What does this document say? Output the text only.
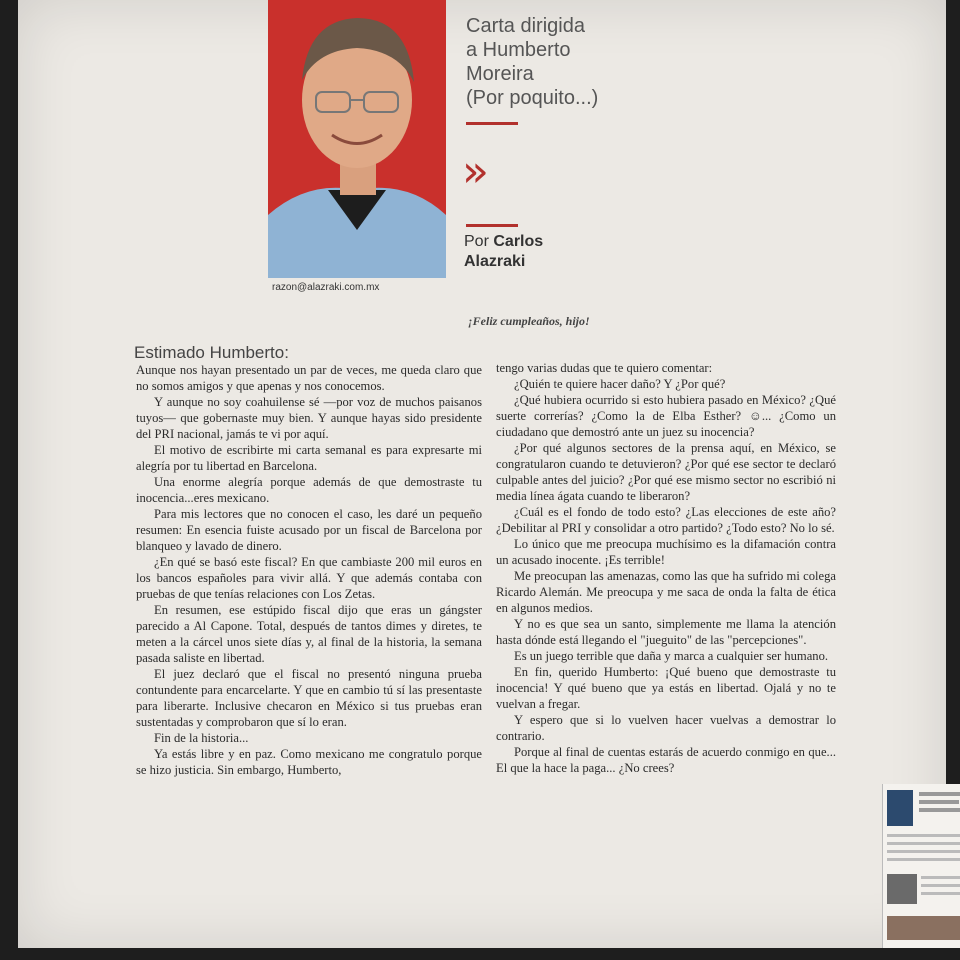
razon@alazraki.com.mx
Carta dirigida
a Humberto
Moreira
(Por poquito...)
»
Por Carlos
Alazraki
¡Feliz cumpleaños, hijo!
Estimado Humberto:

Aunque nos hayan presentado un par de veces, me queda claro que no somos amigos y que apenas y nos conocemos.

Y aunque no soy coahuilense sé —por voz de muchos paisanos tuyos— que gobernaste muy bien. Y aunque hayas sido presidente del PRI nacional, jamás te vi por aquí.

El motivo de escribirte mi carta semanal es para expresarte mi alegría por tu libertad en Barcelona.

Una enorme alegría porque además de que demostraste tu inocencia...eres mexicano.

Para mis lectores que no conocen el caso, les daré un pequeño resumen: En esencia fuiste acusado por un fiscal de Barcelona por blanqueo y lavado de dinero.

¿En qué se basó este fiscal? En que cambiaste 200 mil euros en los bancos españoles para vivir allá. Y que además contaba con pruebas de que tenías relaciones con Los Zetas.

En resumen, ese estúpido fiscal dijo que eras un gángster parecido a Al Capone. Total, después de tantos dimes y diretes, te meten a la cárcel unos siete días y, al final de la historia, la semana pasada saliste en libertad.

El juez declaró que el fiscal no presentó ninguna prueba contundente para encarcelarte. Y que en cambio tú sí las presentaste para liberarte. Inclusive checaron en México si tus pruebas eran sustentadas y comprobaron que sí lo eran.

Fin de la historia...

Ya estás libre y en paz. Como mexicano me congratulo porque se hizo justicia. Sin embargo, Humberto,

tengo varias dudas que te quiero comentar:

¿Quién te quiere hacer daño? Y ¿Por qué?

¿Qué hubiera ocurrido si esto hubiera pasado en México? ¿Qué suerte correrías? ¿Como la de Elba Esther? ☺... ¿Como un ciudadano que demostró ante un juez su inocencia?

¿Por qué algunos sectores de la prensa aquí, en México, se congratularon cuando te detuvieron? ¿Por qué ese sector te declaró culpable antes del juicio? ¿Por qué ese mismo sector no escribió ni media línea ágata cuando te liberaron?

¿Cuál es el fondo de todo esto? ¿Las elecciones de este año? ¿Debilitar al PRI y consolidar a otro partido? ¿Todo esto? No lo sé.

Lo único que me preocupa muchísimo es la difamación contra un acusado inocente. ¡Es terrible!

Me preocupan las amenazas, como las que ha sufrido mi colega Ricardo Alemán. Me preocupa y me saca de onda la falta de ética en algunos medios.

Y no es que sea un santo, simplemente me llama la atención hasta dónde está llegando el "jueguito" de las "percepciones".

Es un juego terrible que daña y marca a cualquier ser humano.

En fin, querido Humberto: ¡Qué bueno que demostraste tu inocencia! Y qué bueno que ya estás en libertad. Ojalá y no te vuelvan a fregar.

Y espero que si lo vuelven hacer vuelvas a demostrar lo contrario.

Porque al final de cuentas estarás de acuerdo conmigo en que... El que la hace la paga... ¿No crees?
